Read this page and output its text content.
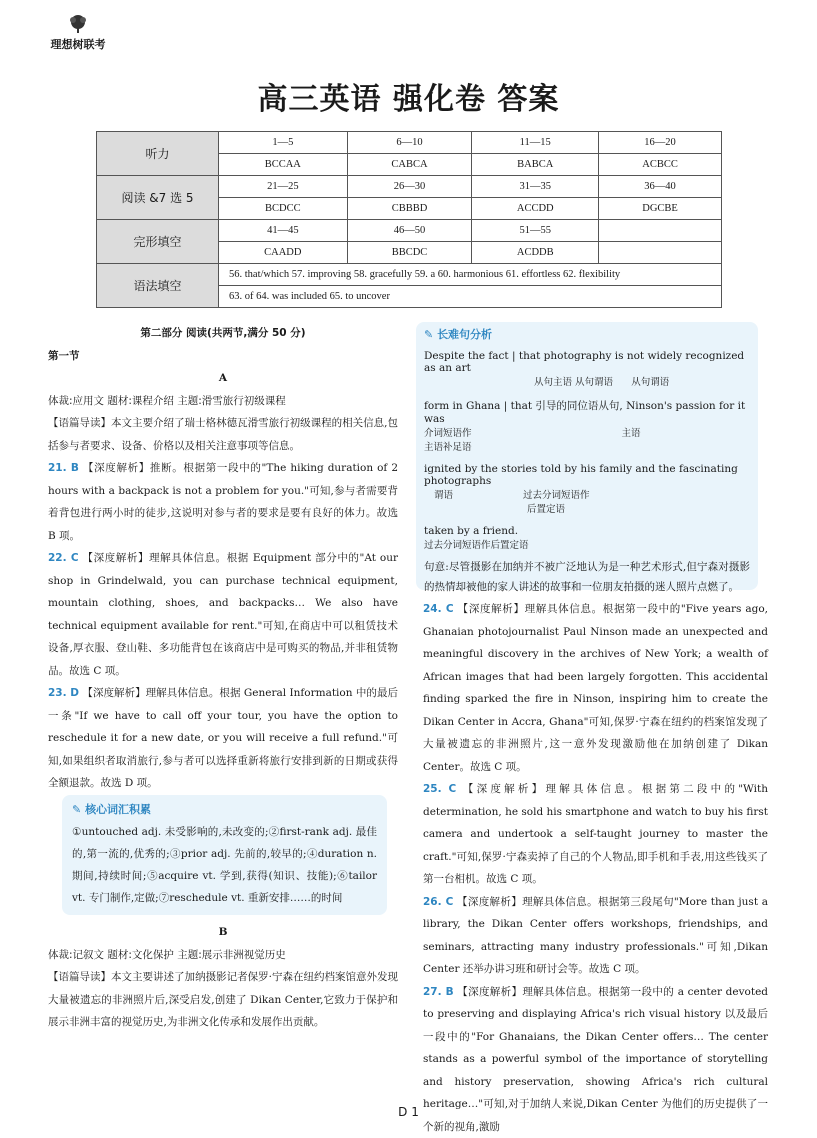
理想树联考
高三英语 强化卷 答案
听力	1—5	6—10	11—15	16—20
	BCCAA	CABCA	BABCA	ACBCC
阅读 &7 选 5	21—25	26—30	31—35	36—40
	BCDCC	CBBBD	ACCDD	DGCBE
完形填空	41—45	46—50	51—55	
	CAADD	BBCDC	ACDDB	
语法填空	56. that/which 57. improving 58. gracefully 59. a 60. harmonious 61. effortless 62. flexibility			
	63. of 64. was included 65. to uncover			

第二部分 阅读(共两节,满分 50 分)

第一节

A

体裁:应用文 题材:课程介绍 主题:滑雪旅行初级课程

【语篇导读】本文主要介绍了瑞士格林德瓦滑雪旅行初级课程的相关信息,包括参与者要求、设备、价格以及相关注意事项等信息。

21. B 【深度解析】推断。根据第一段中的"The hiking duration of 2 hours with a backpack is not a problem for you."可知,参与者需要背着背包进行两小时的徒步,这说明对参与者的要求是要有良好的体力。故选 B 项。

22. C 【深度解析】理解具体信息。根据 Equipment 部分中的"At our shop in Grindelwald, you can purchase technical equipment, mountain clothing, shoes, and backpacks… We also have technical equipment available for rent."可知,在商店中可以租赁技术设备,厚衣服、登山鞋、多功能背包在该商店中是可购买的物品,并非租赁物品。故选 C 项。

23. D 【深度解析】理解具体信息。根据 General Information 中的最后一条"If we have to call off your tour, you have the option to reschedule it for a new date, or you will receive a full refund."可知,如果组织者取消旅行,参与者可以选择重新将旅行安排到新的日期或获得全额退款。故选 D 项。

✎ 核心词汇积累

①untouched adj. 未受影响的,未改变的;②first-rank adj. 最佳的,第一流的,优秀的;③prior adj. 先前的,较早的;④duration n. 期间,持续时间;⑤acquire vt. 学到,获得(知识、技能);⑥tailor vt. 专门制作,定做;⑦reschedule vt. 重新安排……的时间

B

体裁:记叙文 题材:文化保护 主题:展示非洲视觉历史

【语篇导读】本文主要讲述了加纳摄影记者保罗·宁森在纽约档案馆意外发现大量被遗忘的非洲照片后,深受启发,创建了 Dikan Center,它致力于保护和展示非洲丰富的视觉历史,为非洲文化传承和发展作出贡献。

✎ 长难句分析
Despite the fact | that photography is not widely recognized as an art
从句主语 从句谓语 从句谓语
form in Ghana | that 引导的同位语从句, Ninson's passion for it was
介词短语作	主语
主语补足语
ignited by the stories told by his family and the fascinating photographs
谓语	过去分词短语作
后置定语
taken by a friend.
过去分词短语作后置定语

句意:尽管摄影在加纳并不被广泛地认为是一种艺术形式,但宁森对摄影的热情却被他的家人讲述的故事和一位朋友拍摄的迷人照片点燃了。

24. C 【深度解析】理解具体信息。根据第一段中的"Five years ago, Ghanaian photojournalist Paul Ninson made an unexpected and meaningful discovery in the archives of New York; a wealth of African images that had been largely forgotten. This accidental finding sparked the fire in Ninson, inspiring him to create the Dikan Center in Accra, Ghana"可知,保罗·宁森在纽约的档案馆发现了大量被遗忘的非洲照片,这一意外发现激励他在加纳创建了 Dikan Center。故选 C 项。

25. C 【深度解析】理解具体信息。根据第二段中的"With determination, he sold his smartphone and watch to buy his first camera and undertook a self-taught journey to master the craft."可知,保罗·宁森卖掉了自己的个人物品,即手机和手表,用这些钱买了第一台相机。故选 C 项。

26. C 【深度解析】理解具体信息。根据第三段尾句"More than just a library, the Dikan Center offers workshops, friendships, and seminars, attracting many industry professionals."可知,Dikan Center 还举办讲习班和研讨会等。故选 C 项。

27. B 【深度解析】理解具体信息。根据第一段中的 a center devoted to preserving and displaying Africa's rich visual history 以及最后一段中的"For Ghanaians, the Dikan Center offers… The center stands as a powerful symbol of the importance of storytelling and history preservation, showing Africa's rich cultural heritage…"可知,对于加纳人来说,Dikan Center 为他们的历史提供了一个新的视角,激励

D 1
